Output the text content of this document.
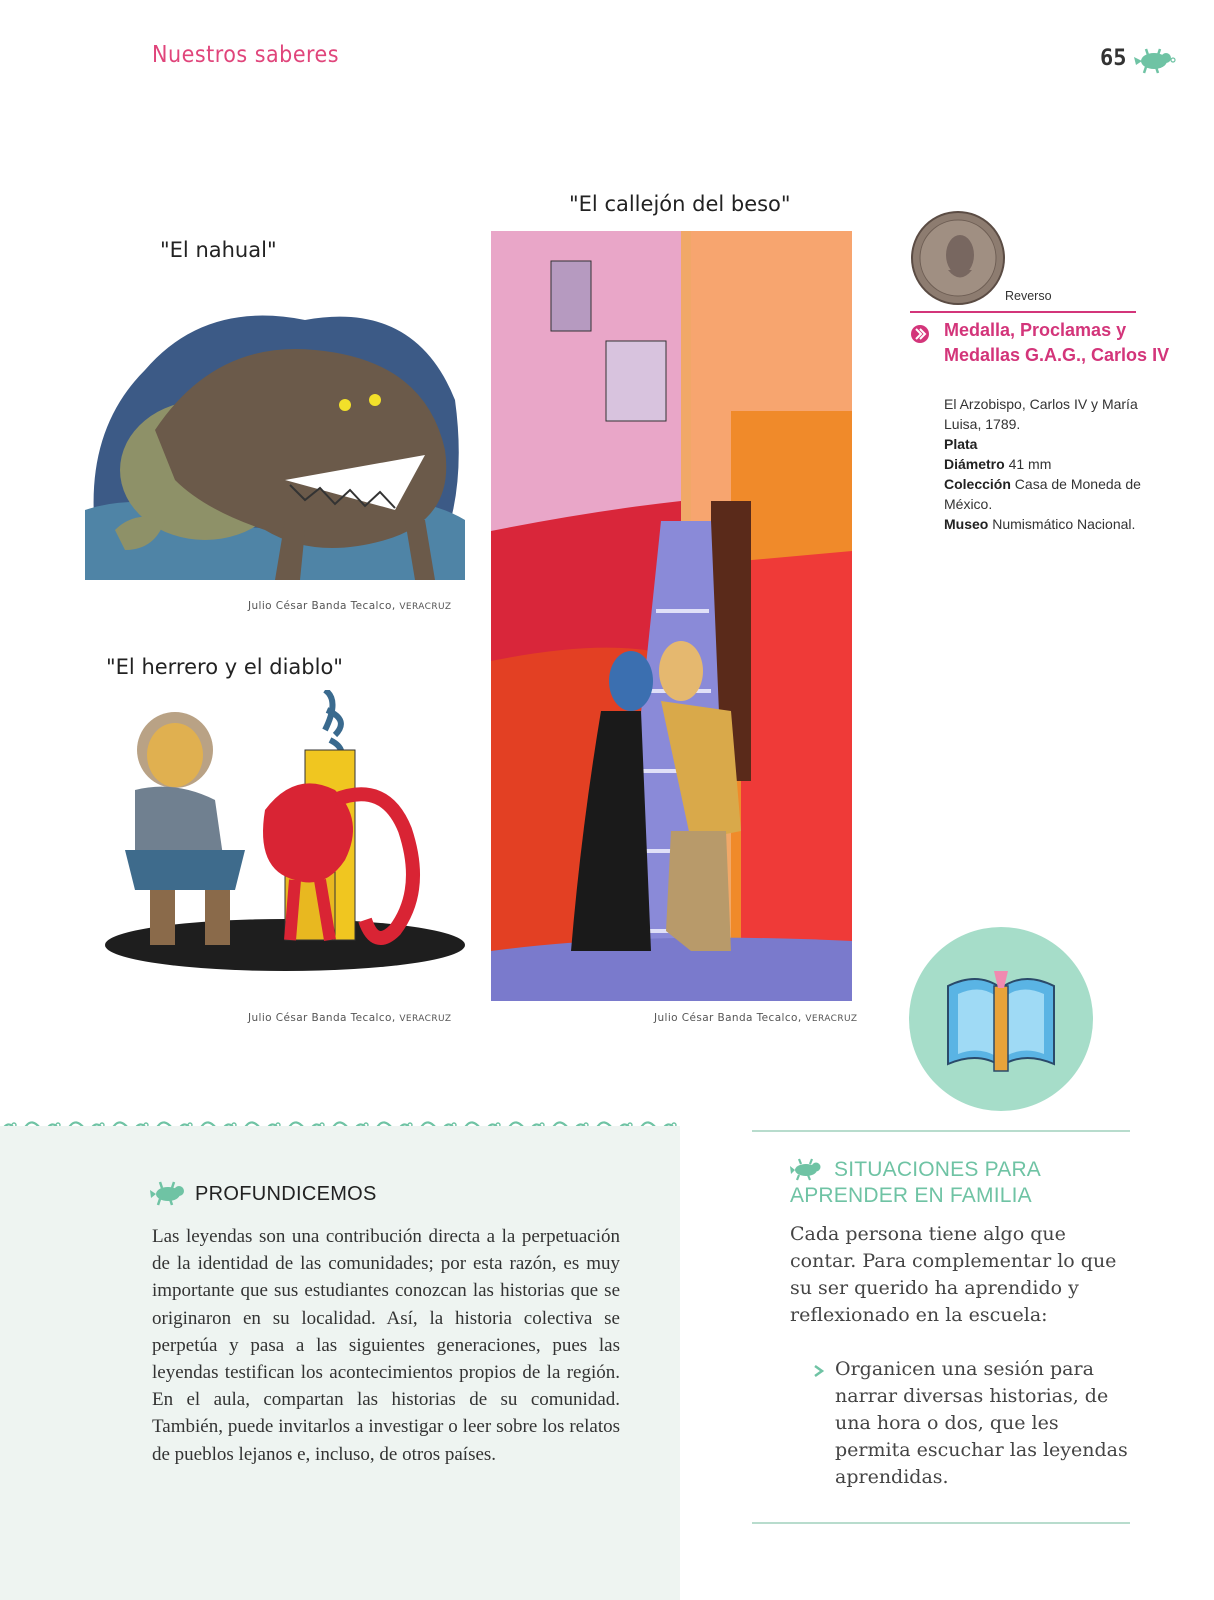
Nuestros saberes	65
"El nahual"
Julio César Banda Tecalco, VERACRUZ
"El herrero y el diablo"
Julio César Banda Tecalco, VERACRUZ
"El callejón del beso"
Julio César Banda Tecalco, VERACRUZ
Reverso
Medalla, Proclamas y Medallas G.A.G., Carlos IV
El Arzobispo, Carlos IV y María Luisa, 1789.
Plata
Diámetro 41 mm
Colección Casa de Moneda de México.
Museo Numismático Nacional.
PROFUNDICEMOS
Las leyendas son una contribución directa a la perpetuación de la identidad de las comunidades; por esta razón, es muy importante que sus estudiantes conozcan las historias que se originaron en su localidad. Así, la historia colectiva se perpetúa y pasa a las siguientes generaciones, pues las leyendas testifican los acontecimientos propios de la región. En el aula, compartan las historias de su comunidad. También, puede invitarlos a investigar o leer sobre los relatos de pueblos lejanos e, incluso, de otros países.
SITUACIONES PARA APRENDER EN FAMILIA
Cada persona tiene algo que contar. Para complementar lo que su ser querido ha aprendido y reflexionado en la escuela:
Organicen una sesión para narrar diversas historias, de una hora o dos, que les permita escuchar las leyendas aprendidas.
